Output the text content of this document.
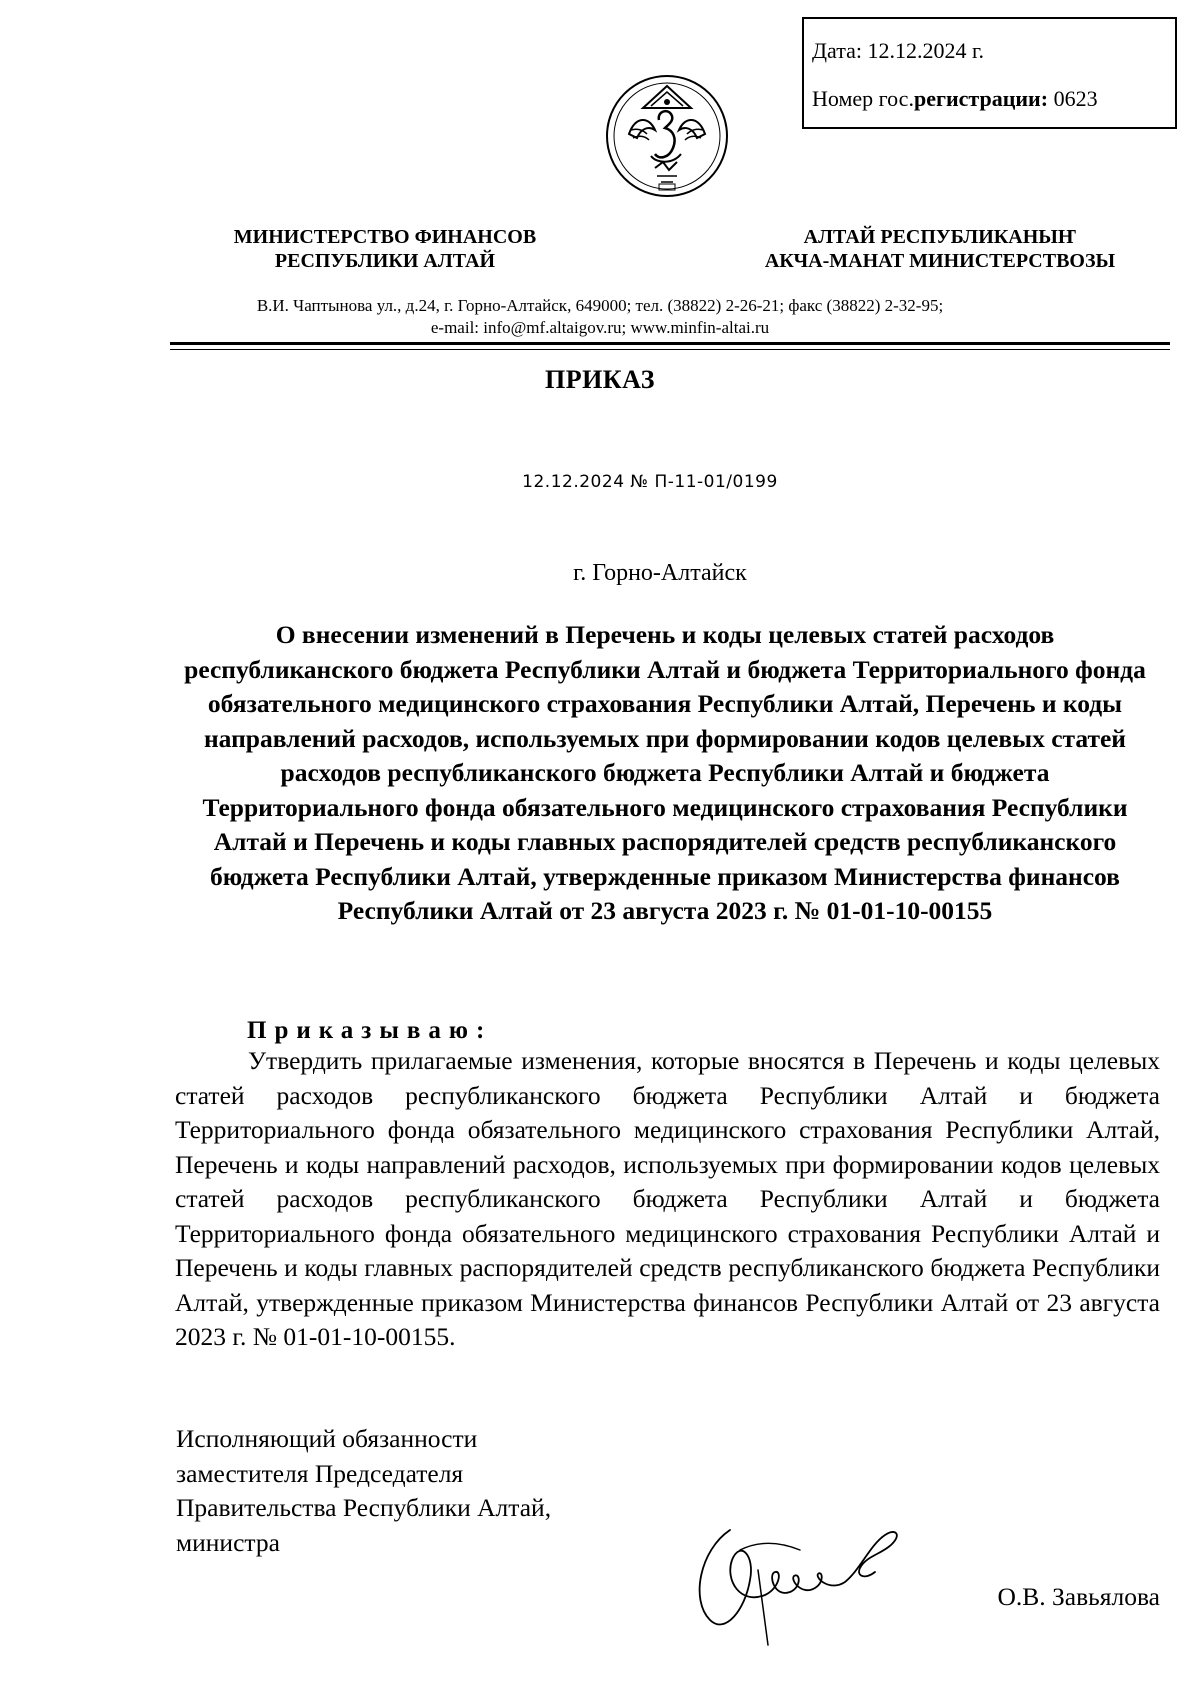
Дата: 12.12.2024 г.
Номер гос.регистрации: 0623
МИНИСТЕРСТВО ФИНАНСОВ
РЕСПУБЛИКИ АЛТАЙ
АЛТАЙ РЕСПУБЛИКАНЫҤ
АКЧА-МАНАТ МИНИСТЕРСТВОЗЫ
В.И. Чаптынова ул., д.24, г. Горно-Алтайск, 649000; тел. (38822) 2-26-21; факс (38822) 2-32-95;
e-mail: info@mf.altaigov.ru; www.minfin-altai.ru
ПРИКАЗ
12.12.2024 № П-11-01/0199
г. Горно-Алтайск

О внесении изменений в Перечень и коды целевых статей расходов республиканского бюджета Республики Алтай и бюджета Территориального фонда обязательного медицинского страхования Республики Алтай, Перечень и коды направлений расходов, используемых при формировании кодов целевых статей расходов республиканского бюджета Республики Алтай и бюджета Территориального фонда обязательного медицинского страхования Республики Алтай и Перечень и коды главных распорядителей средств республиканского бюджета Республики Алтай, утвержденные приказом Министерства финансов Республики Алтай от 23 августа 2023 г. № 01-01-10-00155

Приказываю:

Утвердить прилагаемые изменения, которые вносятся в Перечень и коды целевых статей расходов республиканского бюджета Республики Алтай и бюджета Территориального фонда обязательного медицинского страхования Республики Алтай, Перечень и коды направлений расходов, используемых при формировании кодов целевых статей расходов республиканского бюджета Республики Алтай и бюджета Территориального фонда обязательного медицинского страхования Республики Алтай и Перечень и коды главных распорядителей средств республиканского бюджета Республики Алтай, утвержденные приказом Министерства финансов Республики Алтай от 23 августа 2023 г. № 01-01-10-00155.

Исполняющий обязанности
заместителя Председателя
Правительства Республики Алтай,
министра
О.В. Завьялова
